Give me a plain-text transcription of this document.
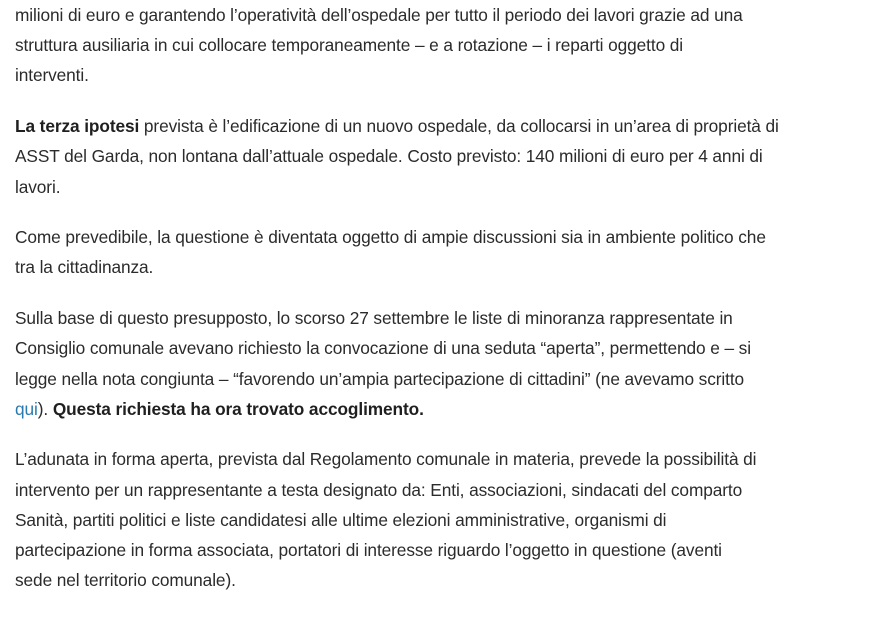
milioni di euro e garantendo l’operatività dell’ospedale per tutto il periodo dei lavori grazie ad una
struttura ausiliaria in cui collocare temporaneamente – e a rotazione – i reparti oggetto di
interventi.

La terza ipotesi prevista è l’edificazione di un nuovo ospedale, da collocarsi in un’area di proprietà di
ASST del Garda, non lontana dall’attuale ospedale. Costo previsto: 140 milioni di euro per 4 anni di
lavori.

Come prevedibile, la questione è diventata oggetto di ampie discussioni sia in ambiente politico che
tra la cittadinanza.

Sulla base di questo presupposto, lo scorso 27 settembre le liste di minoranza rappresentate in
Consiglio comunale avevano richiesto la convocazione di una seduta “aperta”, permettendo e – si
legge nella nota congiunta – “favorendo un’ampia partecipazione di cittadini” (ne avevamo scritto
qui). Questa richiesta ha ora trovato accoglimento.

L’adunata in forma aperta, prevista dal Regolamento comunale in materia, prevede la possibilità di
intervento per un rappresentante a testa designato da: Enti, associazioni, sindacati del comparto
Sanità, partiti politici e liste candidatesi alle ultime elezioni amministrative, organismi di
partecipazione in forma associata, portatori di interesse riguardo l’oggetto in questione (aventi
sede nel territorio comunale).
